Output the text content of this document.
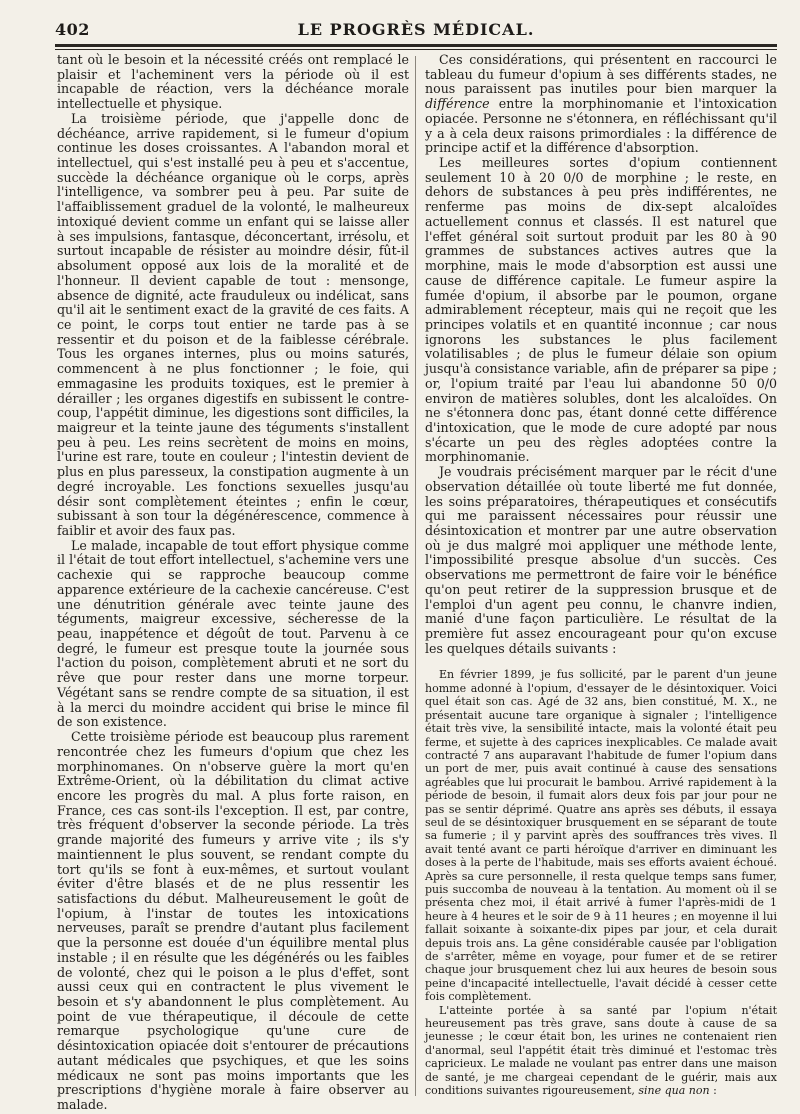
402	LE PROGRÈS MÉDICAL.

tant où le besoin et la nécessité créés ont remplacé le plaisir et l'acheminent vers la période où il est incapable de réaction, vers la déchéance morale intellectuelle et physique.

La troisième période, que j'appelle donc de déchéance, arrive rapidement, si le fumeur d'opium continue les doses croissantes. A l'abandon moral et intellectuel, qui s'est installé peu à peu et s'accentue, succède la déchéance organique où le corps, après l'intelligence, va sombrer peu à peu. Par suite de l'affaiblissement graduel de la volonté, le malheureux intoxiqué devient comme un enfant qui se laisse aller à ses impulsions, fantasque, déconcertant, irrésolu, et surtout incapable de résister au moindre désir, fût-il absolument opposé aux lois de la moralité et de l'honneur. Il devient capable de tout : mensonge, absence de dignité, acte frauduleux ou indélicat, sans qu'il ait le sentiment exact de la gravité de ces faits. A ce point, le corps tout entier ne tarde pas à se ressentir et du poison et de la faiblesse cérébrale. Tous les organes internes, plus ou moins saturés, commencent à ne plus fonctionner ; le foie, qui emmagasine les produits toxiques, est le premier à dérailler ; les organes digestifs en subissent le contre-coup, l'appétit diminue, les digestions sont difficiles, la maigreur et la teinte jaune des téguments s'installent peu à peu. Les reins secrètent de moins en moins, l'urine est rare, toute en couleur ; l'intestin devient de plus en plus paresseux, la constipation augmente à un degré incroyable. Les fonctions sexuelles jusqu'au désir sont complètement éteintes ; enfin le cœur, subissant à son tour la dégénérescence, commence à faiblir et avoir des faux pas.

Le malade, incapable de tout effort physique comme il l'était de tout effort intellectuel, s'achemine vers une cachexie qui se rapproche beaucoup comme apparence extérieure de la cachexie cancéreuse. C'est une dénutrition générale avec teinte jaune des téguments, maigreur excessive, sécheresse de la peau, inappétence et dégoût de tout. Parvenu à ce degré, le fumeur est presque toute la journée sous l'action du poison, complètement abruti et ne sort du rêve que pour rester dans une morne torpeur. Végétant sans se rendre compte de sa situation, il est à la merci du moindre accident qui brise le mince fil de son existence.

Cette troisième période est beaucoup plus rarement rencontrée chez les fumeurs d'opium que chez les morphinomanes. On n'observe guère la mort qu'en Extrême-Orient, où la débilitation du climat active encore les progrès du mal. A plus forte raison, en France, ces cas sont-ils l'exception. Il est, par contre, très fréquent d'observer la seconde période. La très grande majorité des fumeurs y arrive vite ; ils s'y maintiennent le plus souvent, se rendant compte du tort qu'ils se font à eux-mêmes, et surtout voulant éviter d'être blasés et de ne plus ressentir les satisfactions du début. Malheureusement le goût de l'opium, à l'instar de toutes les intoxications nerveuses, paraît se prendre d'autant plus facilement que la personne est douée d'un équilibre mental plus instable ; il en résulte que les dégénérés ou les faibles de volonté, chez qui le poison a le plus d'effet, sont aussi ceux qui en contractent le plus vivement le besoin et s'y abandonnent le plus complètement. Au point de vue thérapeutique, il découle de cette remarque psychologique qu'une cure de désintoxication opiacée doit s'entourer de précautions autant médicales que psychiques, et que les soins médicaux ne sont pas moins importants que les prescriptions d'hygiène morale à faire observer au malade.

Ces considérations, qui présentent en raccourci le tableau du fumeur d'opium à ses différents stades, ne nous paraissent pas inutiles pour bien marquer la différence entre la morphinomanie et l'intoxication opiacée. Personne ne s'étonnera, en réfléchissant qu'il y a à cela deux raisons primordiales : la différence de principe actif et la différence d'absorption.

Les meilleures sortes d'opium contiennent seulement 10 à 20 0/0 de morphine ; le reste, en dehors de substances à peu près indifférentes, ne renferme pas moins de dix-sept alcaloïdes actuellement connus et classés. Il est naturel que l'effet général soit surtout produit par les 80 à 90 grammes de substances actives autres que la morphine, mais le mode d'absorption est aussi une cause de différence capitale. Le fumeur aspire la fumée d'opium, il absorbe par le poumon, organe admirablement récepteur, mais qui ne reçoit que les principes volatils et en quantité inconnue ; car nous ignorons les substances le plus facilement volatilisables ; de plus le fumeur délaie son opium jusqu'à consistance variable, afin de préparer sa pipe ; or, l'opium traité par l'eau lui abandonne 50 0/0 environ de matières solubles, dont les alcaloïdes. On ne s'étonnera donc pas, étant donné cette différence d'intoxication, que le mode de cure adopté par nous s'écarte un peu des règles adoptées contre la morphinomanie.

Je voudrais précisément marquer par le récit d'une observation détaillée où toute liberté me fut donnée, les soins préparatoires, thérapeutiques et consécutifs qui me paraissent nécessaires pour réussir une désintoxication et montrer par une autre observation où je dus malgré moi appliquer une méthode lente, l'impossibilité presque absolue d'un succès. Ces observations me permettront de faire voir le bénéfice qu'on peut retirer de la suppression brusque et de l'emploi d'un agent peu connu, le chanvre indien, manié d'une façon particulière. Le résultat de la première fut assez encourageant pour qu'on excuse les quelques détails suivants :

En février 1899, je fus sollicité, par le parent d'un jeune homme adonné à l'opium, d'essayer de le désintoxiquer. Voici quel était son cas. Agé de 32 ans, bien constitué, M. X., ne présentait aucune tare organique à signaler ; l'intelligence était très vive, la sensibilité intacte, mais la volonté était peu ferme, et sujette à des caprices inexplicables. Ce malade avait contracté 7 ans auparavant l'habitude de fumer l'opium dans un port de mer, puis avait continué à cause des sensations agréables que lui procurait le bambou. Arrivé rapidement à la période de besoin, il fumait alors deux fois par jour pour ne pas se sentir déprimé. Quatre ans après ses débuts, il essaya seul de se désintoxiquer brusquement en se séparant de toute sa fumerie ; il y parvint après des souffrances très vives. Il avait tenté avant ce parti héroïque d'arriver en diminuant les doses à la perte de l'habitude, mais ses efforts avaient échoué. Après sa cure personnelle, il resta quelque temps sans fumer, puis succomba de nouveau à la tentation. Au moment où il se présenta chez moi, il était arrivé à fumer l'après-midi de 1 heure à 4 heures et le soir de 9 à 11 heures ; en moyenne il lui fallait soixante à soixante-dix pipes par jour, et cela durait depuis trois ans. La gêne considérable causée par l'obligation de s'arrêter, même en voyage, pour fumer et de se retirer chaque jour brusquement chez lui aux heures de besoin sous peine d'incapacité intellectuelle, l'avait décidé à cesser cette fois complètement.

L'atteinte portée à sa santé par l'opium n'était heureusement pas très grave, sans doute à cause de sa jeunesse ; le cœur était bon, les urines ne contenaient rien d'anormal, seul l'appétit était très diminué et l'estomac très capricieux. Le malade ne voulant pas entrer dans une maison de santé, je me chargeai cependant de le guérir, mais aux conditions suivantes rigoureusement, sine qua non :
